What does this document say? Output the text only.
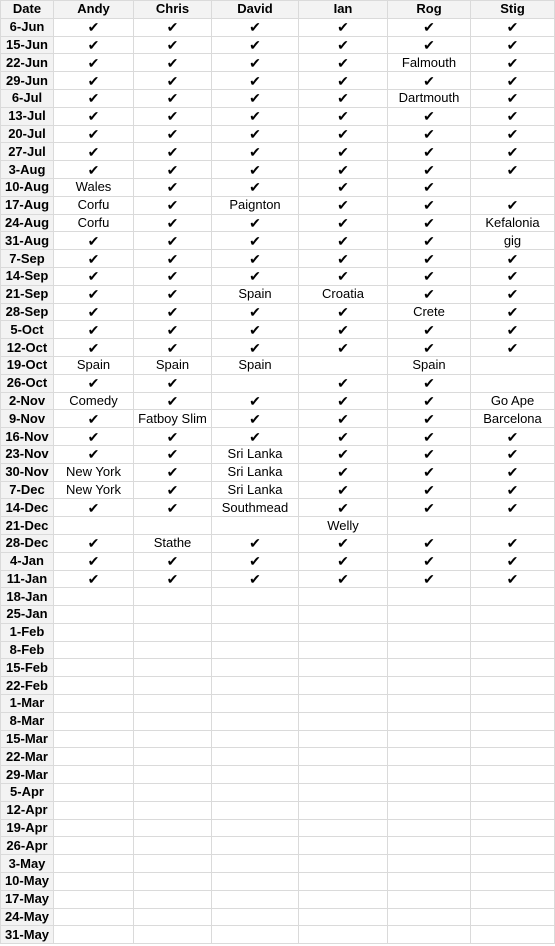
Date	Andy	Chris	David	Ian	Rog	Stig
6-Jun	✔	✔	✔	✔	✔	✔
15-Jun	✔	✔	✔	✔	✔	✔
22-Jun	✔	✔	✔	✔	Falmouth	✔
29-Jun	✔	✔	✔	✔	✔	✔
6-Jul	✔	✔	✔	✔	Dartmouth	✔
13-Jul	✔	✔	✔	✔	✔	✔
20-Jul	✔	✔	✔	✔	✔	✔
27-Jul	✔	✔	✔	✔	✔	✔
3-Aug	✔	✔	✔	✔	✔	✔
10-Aug	Wales	✔	✔	✔	✔	
17-Aug	Corfu	✔	Paignton	✔	✔	✔
24-Aug	Corfu	✔	✔	✔	✔	Kefalonia
31-Aug	✔	✔	✔	✔	✔	gig
7-Sep	✔	✔	✔	✔	✔	✔
14-Sep	✔	✔	✔	✔	✔	✔
21-Sep	✔	✔	Spain	Croatia	✔	✔
28-Sep	✔	✔	✔	✔	Crete	✔
5-Oct	✔	✔	✔	✔	✔	✔
12-Oct	✔	✔	✔	✔	✔	✔
19-Oct	Spain	Spain	Spain		Spain	
26-Oct	✔	✔		✔	✔	
2-Nov	Comedy	✔	✔	✔	✔	Go Ape
9-Nov	✔	Fatboy Slim	✔	✔	✔	Barcelona
16-Nov	✔	✔	✔	✔	✔	✔
23-Nov	✔	✔	Sri Lanka	✔	✔	✔
30-Nov	New York	✔	Sri Lanka	✔	✔	✔
7-Dec	New York	✔	Sri Lanka	✔	✔	✔
14-Dec	✔	✔	Southmead	✔	✔	✔
21-Dec				Welly		
28-Dec	✔	Stathe	✔	✔	✔	✔
4-Jan	✔	✔	✔	✔	✔	✔
11-Jan	✔	✔	✔	✔	✔	✔
18-Jan						
25-Jan						
1-Feb						
8-Feb						
15-Feb						
22-Feb						
1-Mar						
8-Mar						
15-Mar						
22-Mar						
29-Mar						
5-Apr						
12-Apr						
19-Apr						
26-Apr						
3-May						
10-May						
17-May						
24-May						
31-May						
